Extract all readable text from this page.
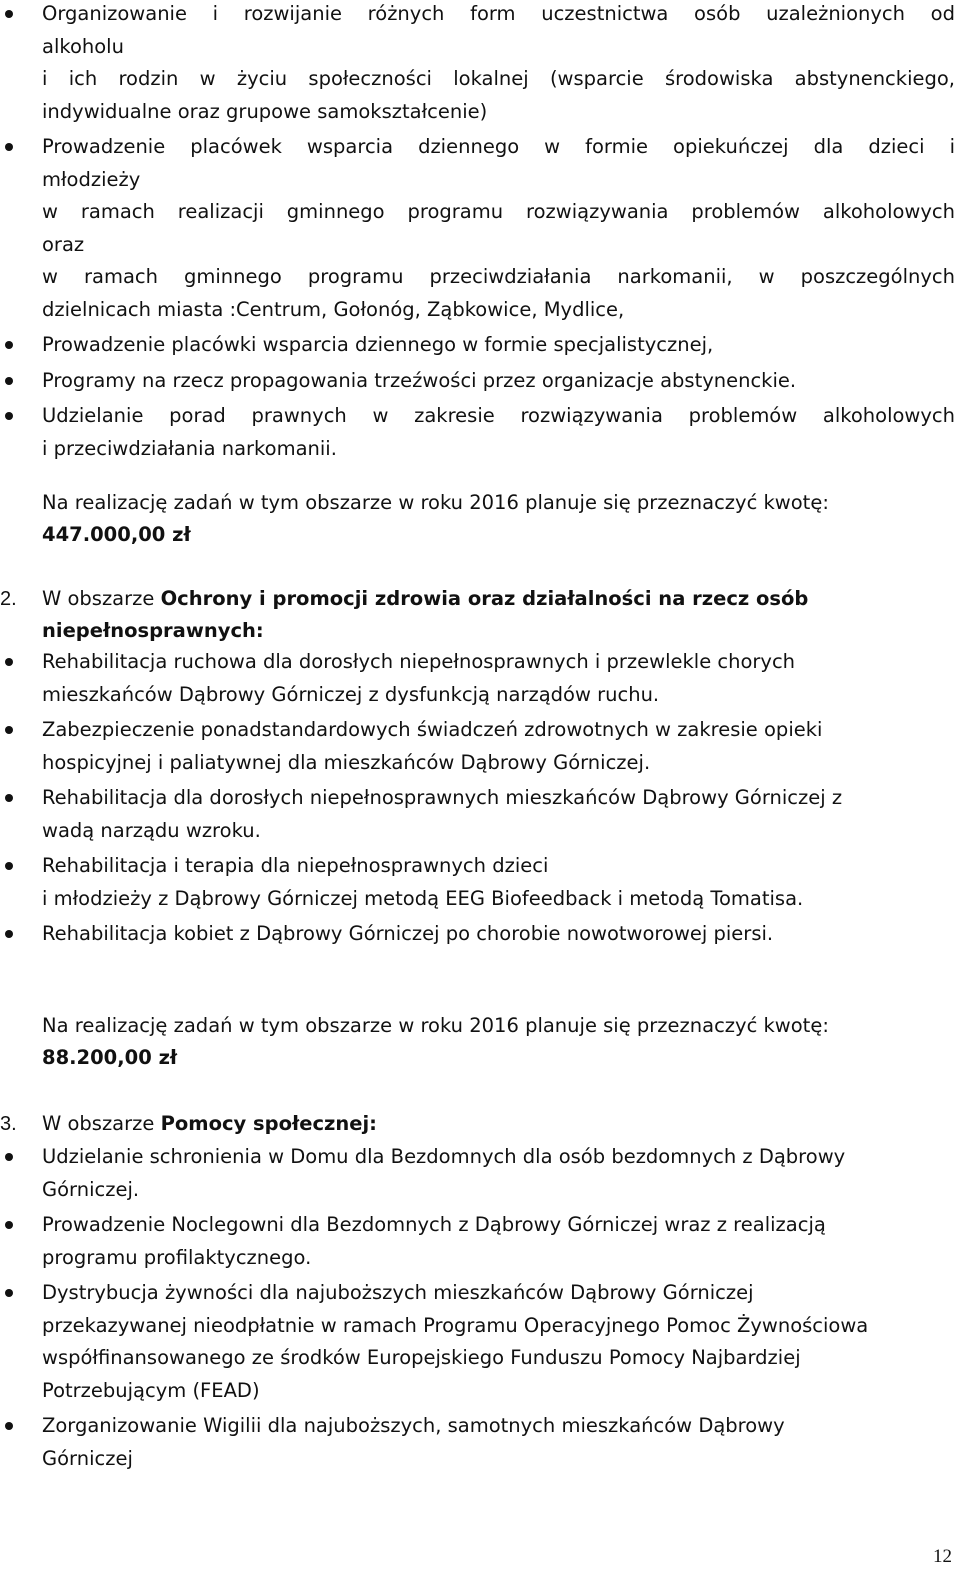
Organizowanie i rozwijanie różnych form uczestnictwa osób uzależnionych od
alkoholu
i ich rodzin w życiu społeczności lokalnej (wsparcie środowiska abstynenckiego,
indywidualne oraz grupowe samokształcenie)
Prowadzenie placówek wsparcia dziennego w formie opiekuńczej dla dzieci i
młodzieży
w ramach realizacji gminnego programu rozwiązywania problemów alkoholowych
oraz
w ramach gminnego programu przeciwdziałania narkomanii, w poszczególnych
dzielnicach miasta :Centrum, Gołonóg, Ząbkowice, Mydlice,
Prowadzenie placówki wsparcia dziennego w formie specjalistycznej,
Programy na rzecz propagowania trzeźwości przez organizacje abstynenckie.
Udzielanie porad prawnych w zakresie rozwiązywania problemów alkoholowych
i przeciwdziałania narkomanii.
Na realizację zadań w tym obszarze w roku 2016 planuje się przeznaczyć kwotę:
447.000,00 zł
2.	W obszarze Ochrony i promocji zdrowia oraz działalności na rzecz osób
niepełnosprawnych:
Rehabilitacja ruchowa dla dorosłych niepełnosprawnych i przewlekle chorych
mieszkańców Dąbrowy Górniczej z dysfunkcją narządów ruchu.
Zabezpieczenie ponadstandardowych świadczeń zdrowotnych w zakresie opieki
hospicyjnej i paliatywnej dla mieszkańców Dąbrowy Górniczej.
Rehabilitacja dla dorosłych niepełnosprawnych mieszkańców Dąbrowy Górniczej z
wadą narządu wzroku.
Rehabilitacja i terapia dla niepełnosprawnych dzieci
i młodzieży z Dąbrowy Górniczej metodą EEG Biofeedback i metodą Tomatisa.
Rehabilitacja kobiet z Dąbrowy Górniczej po chorobie nowotworowej piersi.
Na realizację zadań w tym obszarze w roku 2016 planuje się przeznaczyć kwotę:
88.200,00 zł
3.	W obszarze Pomocy społecznej:
Udzielanie schronienia w Domu dla Bezdomnych dla osób bezdomnych z Dąbrowy
Górniczej.
Prowadzenie Noclegowni dla Bezdomnych z Dąbrowy Górniczej wraz z realizacją
programu profilaktycznego.
Dystrybucja żywności dla najuboższych mieszkańców Dąbrowy Górniczej
przekazywanej nieodpłatnie w ramach Programu Operacyjnego Pomoc Żywnościowa
współfinansowanego ze środków Europejskiego Funduszu Pomocy Najbardziej
Potrzebującym (FEAD)
Zorganizowanie Wigilii dla najuboższych, samotnych mieszkańców Dąbrowy
Górniczej
12
